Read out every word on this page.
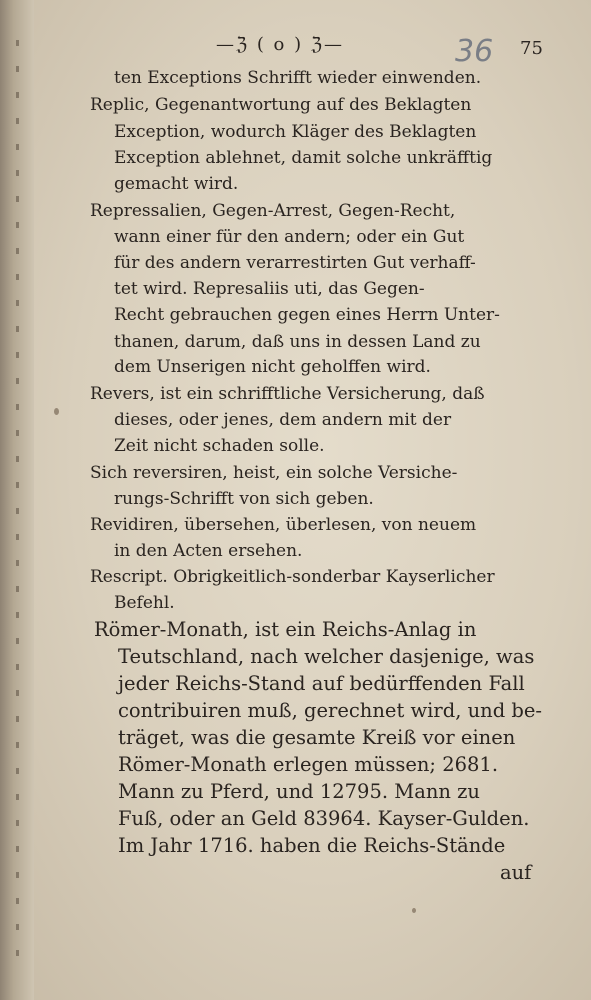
—ℨ ( o ) ℨ—	36 75
ten Exceptions Schrifft wieder einwenden.
Replic, Gegenantwortung auf des Beklagten
Exception, wodurch Kläger des Beklagten
Exception ablehnet, damit solche unkräfftig
gemacht wird.
Repressalien, Gegen-Arrest, Gegen-Recht,
wann einer für den andern; oder ein Gut
für des andern verarrestirten Gut verhaff-
tet wird. Represaliis uti, das Gegen-
Recht gebrauchen gegen eines Herrn Unter-
thanen, darum, daß uns in dessen Land zu
dem Unserigen nicht geholffen wird.
Revers, ist ein schrifftliche Versicherung, daß
dieses, oder jenes, dem andern mit der
Zeit nicht schaden solle.
Sich reversiren, heist, ein solche Versiche-
rungs-Schrifft von sich geben.
Revidiren, übersehen, überlesen, von neuem
in den Acten ersehen.
Rescript. Obrigkeitlich-sonderbar Kayserlicher
Befehl.
Römer-Monath, ist ein Reichs-Anlag in
Teutschland, nach welcher dasjenige, was
jeder Reichs-Stand auf bedürffenden Fall
contribuiren muß, gerechnet wird, und be-
träget, was die gesamte Kreiß vor einen
Römer-Monath erlegen müssen; 2681.
Mann zu Pferd, und 12795. Mann zu
Fuß, oder an Geld 83964. Kayser-Gulden.
Im Jahr 1716. haben die Reichs-Stände
auf
